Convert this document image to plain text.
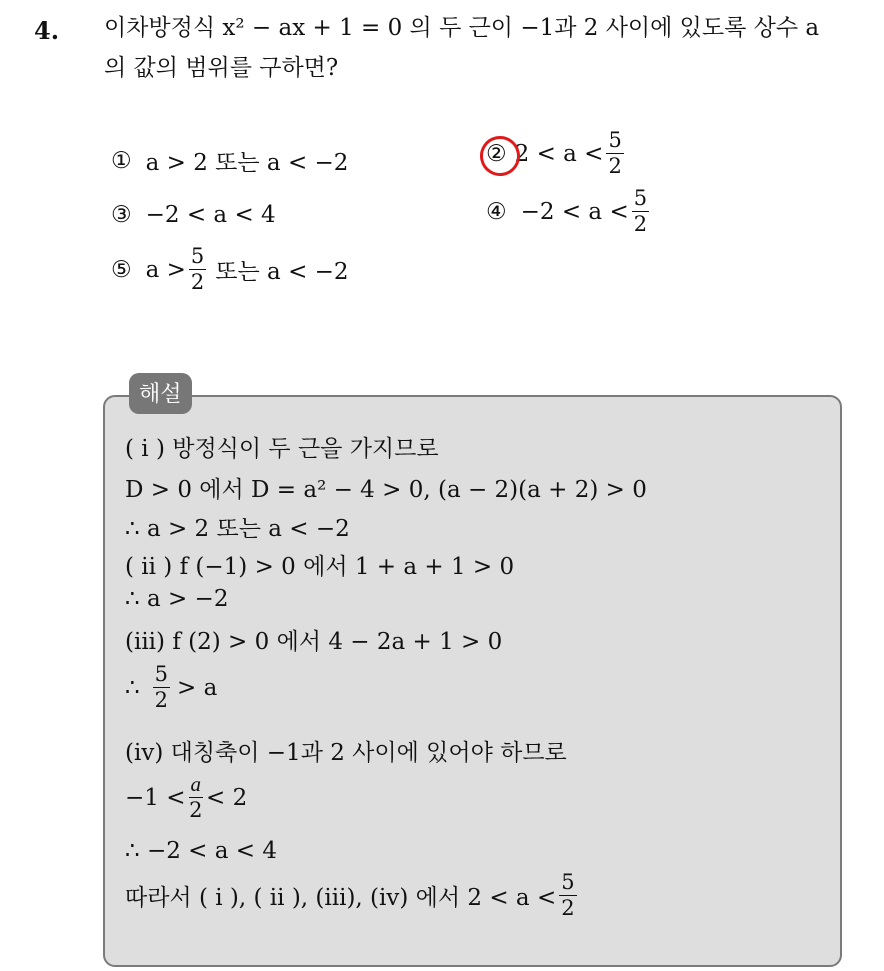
4. 이차방정식 x² − ax + 1 = 0 의 두 근이 −1과 2 사이에 있도록 상수 a
의 값의 범위를 구하면?
① a > 2 또는 a < −2	② $2 < a < \frac{5}{2}$
③ −2 < a < 4	④ $-2 < a < \frac{5}{2}$
⑤ $a > \frac{5}{2}$ 또는 a < −2
해설
( i ) 방정식이 두 근을 가지므로
D > 0 에서 D = a² − 4 > 0, (a − 2)(a + 2) > 0
∴ a > 2 또는 a < −2
( ii ) f (−1) > 0 에서 1 + a + 1 > 0
∴ a > −2
(iii) f (2) > 0 에서 4 − 2a + 1 > 0
∴ $\frac{5}{2} > a$
(iv) 대칭축이 −1과 2 사이에 있어야 하므로
$-1 < \frac{a}{2} < 2$
∴ −2 < a < 4
따라서 ( i ), ( ii ), (iii), (iv) 에서 $2 < a < \frac{5}{2}$
